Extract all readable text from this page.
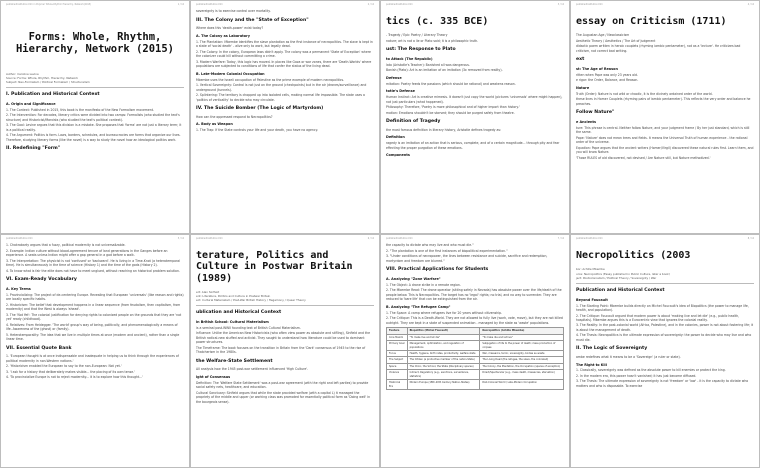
publishedInstitution.htm in Polymer Whole-Rhythm Hierarchy, Network(2015)	1 / 12
Forms: Whole, Rhythm, Hierarchy, Network (2015)
Author: Caroline Levine
Source: Forms: Whole, Rhythm, Hierarchy, Network
Subject: Neo-Formalism / Political Formalism / Structuralism
I. Publication and Historical Context
A. Origin and Significance
1. The Context: Published in 2015, this book is the manifesto of the New Formalism movement.
2. The Intervention: For decades, literary critics were divided into two camps: Formalists (who studied the text's structure) and Historicist/Marxists (who studied the text's political context).
3. The Goal: Levine argues that this division is a mistake. She proposes that 'forms' are not just a literary term; it is a political reality.
4. The Argument: Politics is form. Laws, borders, schedules, and bureaucracies are forms that organize our lives. Therefore, studying literary forms (like the novel) is a way to study the novel how an ideological politics work.
II. Redefining "Form"
publishedInstitution.htm	2 / 12
sovereignty is to exercise control over mortality.
III. The Colony and the "State of Exception"
Where does this 'death-power' exist today?
A. The Colony as Laboratory
1. The Plantation: Mbembe identifies the slave plantation as the first instance of necropolitics. The slave is kept in a state of 'social death' - alive only to work, but legally dead.
2. The Colony: In the colony, European laws didn't apply. The colony was a permanent 'State of Exception' where the colonizer could kill without committing a crime.
3. Modern Warfare: Today, this logic has moved. In places like Gaza or war zones, there are 'Death-Worlds' where populations are subjected to conditions of life that confer the status of the living dead.
B. Late-Modern Colonial Occupation
Mbembe uses the Israeli occupation of Palestine as the prime example of modern necropolitics.
1. Vertical Sovereignty: Control is not just on the ground (checkpoints) but in the air (drones/surveillance) and underground (tunnels).
2. Splintering: The territory is chopped up into isolated cells, making normal life impossible. The state uses a 'politics of verticality' to decide who may circulate.
IV. The Suicide Bomber (The Logic of Martyrdom)
How can the oppressed respond to Necropolitics?
A. Body as Weapon
1. The Trap: If the State controls your life and your death, you have no agency.
publishedInstitution.htm	3 / 12
tics (c. 335 BCE)
- Tragedy / Epic Poetry / Literary Theory
nature; art is not a lie or Plato said; it is a philosophic truth.
ust: The Response to Plato
to Attack (The Republic)
lato (Aristotle's Teacher): Banished all was dangerous.
Banish (Plato): Art is an imitation of an imitation (3x removed from reality).
Defense
mitation: Poetry feeds the passions (which should be rational) and weakens reason.
totle's Defense
Human Instinct: Art is creative mimesis. It doesn't just copy the world (pictures 'universals' where might happen), not just particulars (what happened).
Philosophy: Therefore, 'Poetry is more philosophical and of higher import than history.'
motion: Emotions shouldn't be starved; they should be purged safely from theatre.
Definition of Tragedy
the most famous definition in literary history, Aristotle defines tragedy as:
Definition
ragedy is an imitation of an action that is serious, complete, and of a certain magnitude... through pity and fear effecting the proper purgation of these emotions.
Components
publishedInstitution.htm	4 / 12
essay on Criticism (1711)
The Augustan Age / Neoclassicism
Aesthetic Theory / Aesthetics / The Art of Judgment
didactic poem written in heroic couplets (rhyming iambic pentameter), not as a 'lecture'. He criticizes bad criticism, not correct bad writing.
ext
st: The Age of Reason
ritten when Pope was only 23 years old.
e rigor: the Order, Balance, and Reason.
Nature
Truth (Order): Nature is not wild or chaotic, it is the divinely ordained order of the world.
these lines in Homer Couplets (rhyming pairs of iambic pentameter). This reflects the very order and balance he preaches.
Follow Nature"
e Ancients
ture: This phrase is central. Neither follow Nature, and your judgment frame / By her just standard, which is still the same.
Pope: 'Nature' does not mean trees and fields. It means the Universal Truth of human experience - the rational order of the universe.
Equation: Pope argues that the ancient writers (Homer/Virgil) discovered these natural rules first. Learn them, and you will know Nature.
'Those RULES of old discovered, not devised / Are Nature still, but Nature methodized.'
publishedInstitution.htm	5 / 12
1. Chakrabarty argues that a fuzzy, political modernity is not universalizable.
2. Example: Indian culture without blood-agreement tenure of land generations in the Ganges before an experience. A seats unless Indian might offer a gap general in a god before a walk.
3. The Interpretation: The physicist is not 'confused' or 'backward'. He is living in a Time-Knot (a heterotemporal time). He is simultaneously in the time of science (History 1) and the time of the gods (History 2).
4. To know what is fair the elite does not have to meet unglued, without reaching an historical problem solution.
VI. Exam-Ready Vocabulary
A. Key Terms
1. Provincializing: The project of de-centering Europe. Revealing that European 'universals' (like reason and rights) are locally specific habits.
2. Historicism: The belief that development happens in a linear sequence (from feudalism, then capitalism, from modernity) and that the West is always 'ahead'.
3. The 'Not Yet': The colonial justification for denying rights to colonized people on the grounds that they are 'not yet' ready (childhood).
4. Relatives: From Heidegger. 'The world' group's way of being, politically, and phenomenologically a means of life. Awareness of the (ghost) or (family).
5. Heterotemporality: The idea that we live in multiple times at once (modern and ancient), rather than a single linear time.
VII. Essential Quote Bank
1. 'European thought is at once indispensable and inadequate in helping us to think through the experiences of political modernity in non-Western nations.'
2. 'Historicism enabled the European to say to the non-European: Not yet.'
3. 'I ask for a history that deliberately makes visible... the placing of its own tense.'
4. 'To provincialize Europe is not to reject modernity... it is to explore how this thought...'
publishedInstitution.htm	6 / 12
terature, Politics and Culture in Postwar Britain (1989)
ert: Alan Sinfield
ent: Literature, Politics and Culture in Postwar Britain
ect: Cultural Materialism / Post-War British History / Hegemony / Queer Theory
ublication and Historical Context
in British School: Cultural Materialism
is a seminal post-WWII founding text of British Cultural Materialism.
Influence: Unlike the American New Historicists (who often view power as absolute and stifling), Sinfield and the British radical-new stuffed and activist. They sought to understand how literature could be used to dominant power structures.
The Timeframe: The book focuses on the transition in Britain from the 'Dark' consensus of 1945 to the rise of Thatcherism in the 1980s.
the Welfare-State Settlement
All analysis how the 1945 post-war settlement influenced 'High Culture'.
ight of Consensus
Definition: The 'Welfare State Settlement' was a post-war agreement (with the right and left parties) to provide social safety nets, healthcare, and education.
Cultural Sanctuary: Sinfield argues that while the state provided welfare (with a capital L) it managed the propriety of the middle and upper (or working class was promoted for essentially political form as 'Doing well' in the bourgeois sense).
publishedInstitution.htm	7 / 12
the capacity to dictate who may live and who must die."
2. "The plantation is one of the first instances of biopolitical experimentation."
3. "Under conditions of necropower, the lines between resistance and suicide, sacrifice and redemption, martyrdom and freedom are blurred."
VIII. Practical Applications for Students
A. Analyzing "Zone Warfare"
1. The Object: A drone strike in a remote region.
2. The Mbembe Read: The drone operator (sitting safely in Nevada) has absolute power over the life/death of the people below. This is Necropolitics. The target has no 'legal' rights; no trial, and no way to surrender. They are reduced to 'bare life' that can be extinguished from the air.
B. Analyzing "The Refugee Camp"
1. The Space: A camp where refugees live for 20 years without citizenship.
2. The Critique: This is a Death-World. They are not allowed to fully live (work, vote, move), but they are not killed outright. They are kept in a state of suspended animation - managed by the state as 'waste' populations.
Feature	Biopolitics (Michel Foucault)	Necropolitics (Achille Mbembe)
Core Maxim	"To make live and let die"	"To make die and let live"
Primary Goal	Management, optimization, and regulation of populations	Subjugation of life to the power of death; mass production of corpses
Focus	Health, hygiene, birth rates, productivity, welfare state	War, massacre, terror, sovereignty, bodies as waste
The Subject	The Citizen (a productive member of the nation-State)	The Living Dead (the refugee, the slave, the colonized)
Space	The Clinic, the School, the State (Disciplinary spaces)	The Colony, the Plantation, the Occupation (spaces of exception)
Violence	Indirect, Regulatory (e.g., sanctions, surveillance, statistics)	Direct/Spectacular (e.g., mass death, massacres, starvation)
Historical Era	Modern Europe (18th-20th Century Nation-States)	Post-Colonial World / Late-Modern Occupation
publishedInstitution.htm	8 / 12
Necropolitics (2003
bor: Achille Mbembe
urce: Necropolitics (Essay published in Public Culture, later a book)
ject: Postcolonialism / Political Theory / Sovereignty / War
Publication and Historical Context
Beyond Foucault
1. The Starting Point: Mbembe builds directly on Michel Foucault's idea of Biopolitics (the power to manage life, health, and population).
2. The Critique: Foucault argued that modern power is about 'making live and let die' (e.g., public health, hospitals). Mbembe argues this is a Eurocentric view that ignores the colonial reality.
3. The Reality: In the post-colonial world (Africa, Palestine), and in the colonies, power is not about fostering life; it is about the management of death.
4. The Thesis: Necropolitics is the ultimate expression of sovereignty: the power to decide who may live and who must die.
II. The Logic of Sovereignty
ambe redefines what it means to be a 'Sovereign' (a ruler or state).
The Right to Kill
1. Classically, sovereignty was defined as the absolute power to kill enemies or protect the king.
2. In the modern era, this power hasn't vanished; it has just become diffused.
3. The Thesis: The ultimate expression of sovereignty is not 'freedom' or 'law' - it is the capacity to dictate who matters and who is disposable. To exercise
